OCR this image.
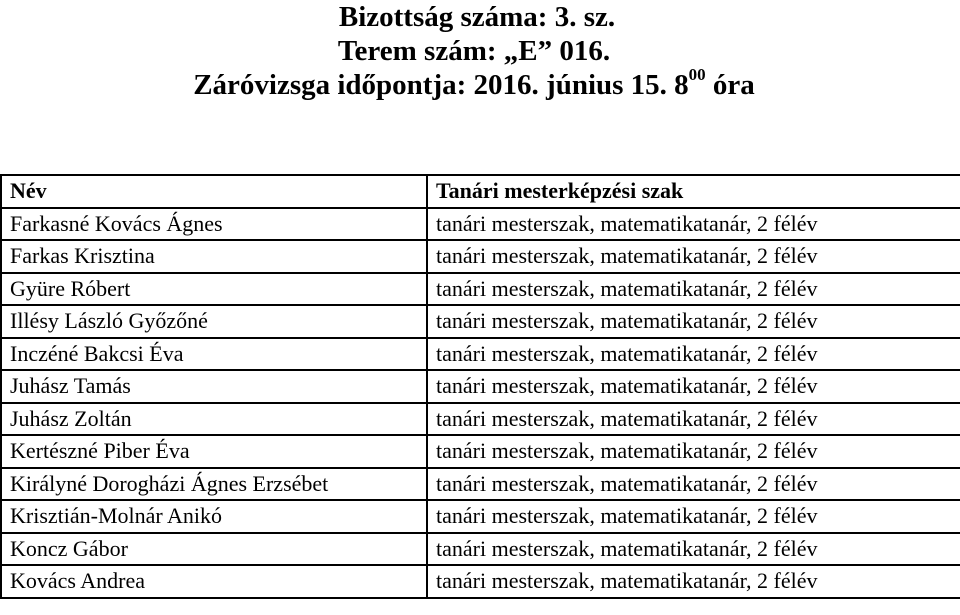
Bizottság száma: 3. sz.
Terem szám: „E” 016.
Záróvizsga időpontja: 2016. június 15. $8^{00}$ óra
Név	Tanári mesterképzési szak
Farkasné Kovács Ágnes	tanári mesterszak, matematikatanár, 2 félév
Farkas Krisztina	tanári mesterszak, matematikatanár, 2 félév
Gyüre Róbert	tanári mesterszak, matematikatanár, 2 félév
Illésy László Győzőné	tanári mesterszak, matematikatanár, 2 félév
Inczéné Bakcsi Éva	tanári mesterszak, matematikatanár, 2 félév
Juhász Tamás	tanári mesterszak, matematikatanár, 2 félév
Juhász Zoltán	tanári mesterszak, matematikatanár, 2 félév
Kertészné Piber Éva	tanári mesterszak, matematikatanár, 2 félév
Királyné Dorogházi Ágnes Erzsébet	tanári mesterszak, matematikatanár, 2 félév
Krisztián-Molnár Anikó	tanári mesterszak, matematikatanár, 2 félév
Koncz Gábor	tanári mesterszak, matematikatanár, 2 félév
Kovács Andrea	tanári mesterszak, matematikatanár, 2 félév
